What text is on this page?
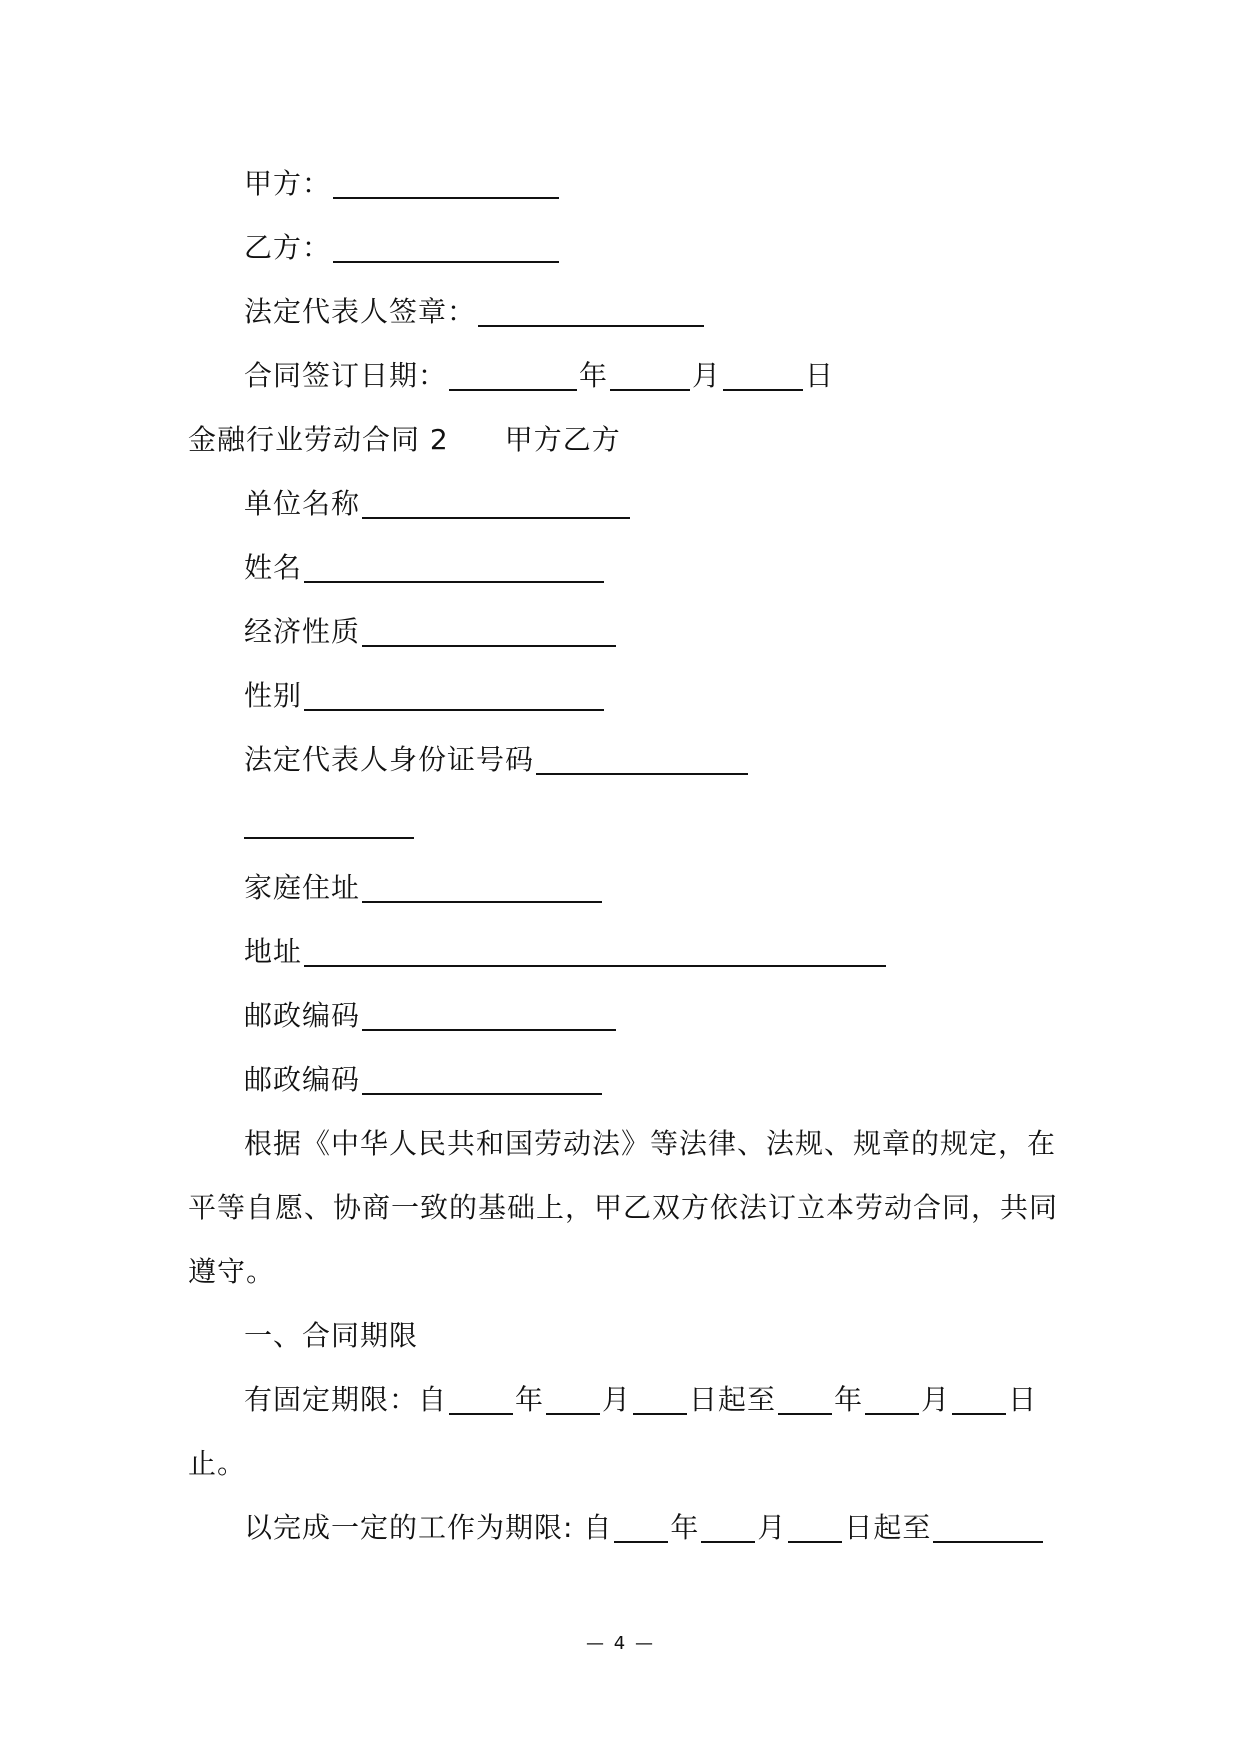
甲方：
乙方：
法定代表人签章：
合同签订日期：	年	月	日
金融行业劳动合同 2 甲方乙方
单位名称
姓名
经济性质
性别
法定代表人身份证号码
家庭住址
地址
邮政编码
邮政编码
根据《中华人民共和国劳动法》等法律、法规、规章的规定，在
平等自愿、协商一致的基础上，甲乙双方依法订立本劳动合同，共同
遵守。
一、合同期限
有固定期限：自 年 月 日起至 年 月 日
止。
以完成一定的工作为期限: 自 年 月 日起至
— 4 —
